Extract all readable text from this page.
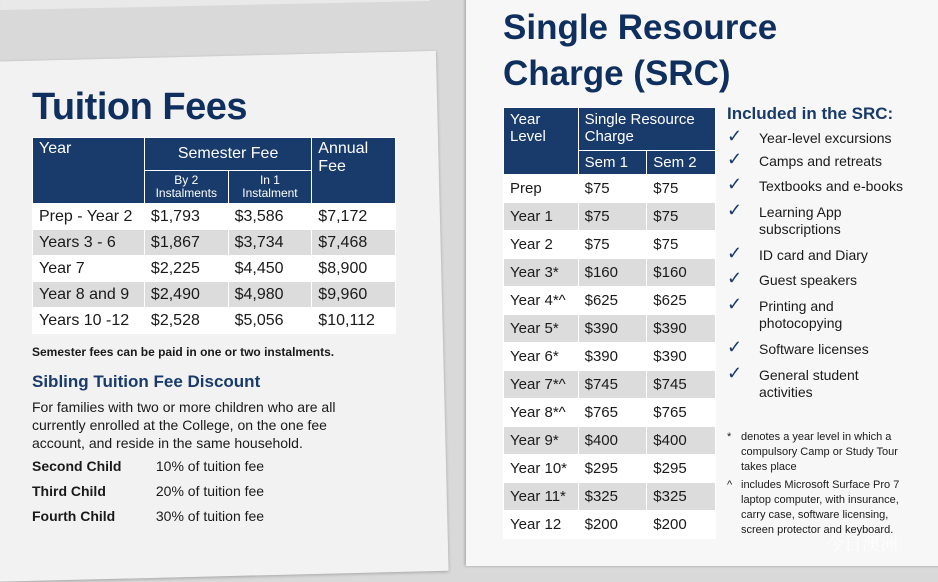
Tuition Fees
Year	Semester Fee		Annual Fee
	By 2 Instalments	In 1 Instalment	
Prep - Year 2	$1,793	$3,586	$7,172
Years 3 - 6	$1,867	$3,734	$7,468
Year 7	$2,225	$4,450	$8,900
Year 8 and 9	$2,490	$4,980	$9,960
Years 10 -12	$2,528	$5,056	$10,112
Semester fees can be paid in one or two instalments.
Sibling Tuition Fee Discount

For families with two or more children who are all currently enrolled at the College, on the one fee account, and reside in the same household.

Second Child 10% of tuition fee
Third Child	20% of tuition fee
Fourth Child	30% of tuition fee
Single Resource
Charge (SRC)
Year Level	Single Resource Charge	
	Sem 1	Sem 2
Prep	$75	$75
Year 1	$75	$75
Year 2	$75	$75
Year 3*	$160	$160
Year 4*^	$625	$625
Year 5*	$390	$390
Year 6*	$390	$390
Year 7*^	$745	$745
Year 8*^	$765	$765
Year 9*	$400	$400
Year 10*	$295	$295
Year 11*	$325	$325
Year 12	$200	$200
Included in the SRC:
✓ Year-level excursions
✓ Camps and retreats
✓ Textbooks and e-books
✓ Learning App subscriptions
✓ ID card and Diary
✓ Guest speakers
✓ Printing and photocopying
✓ Software licenses
✓ General student activities
* denotes a year level in which a compulsory Camp or Study Tour takes place
^ includes Microsoft Surface Pro 7 laptop computer, with insurance, carry case, software licensing, screen protector and keyboard.
今日澳洲
